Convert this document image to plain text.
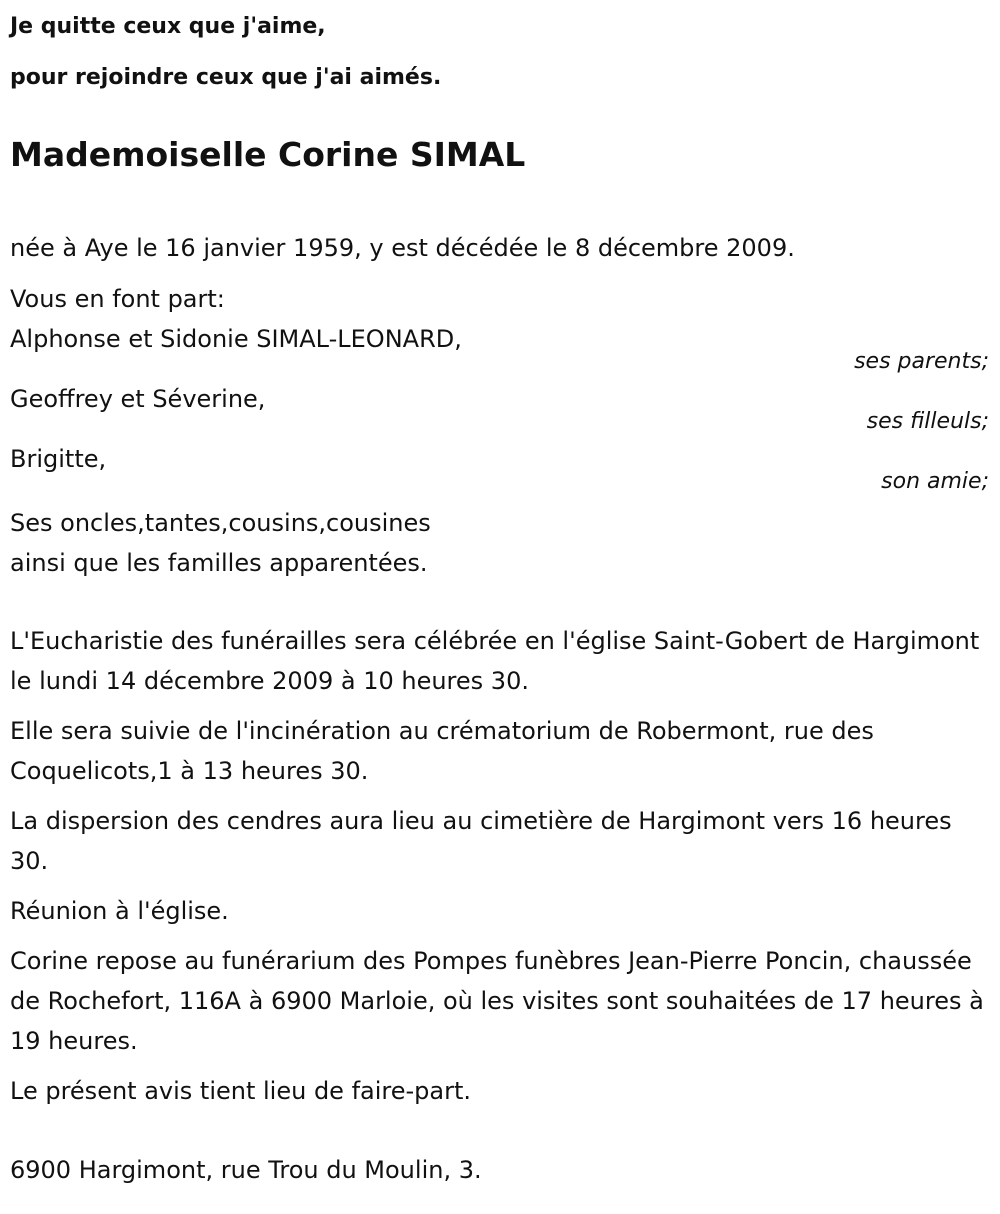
Je quitte ceux que j'aime,

pour rejoindre ceux que j'ai aimés.

Mademoiselle Corine SIMAL

née à Aye le 16 janvier 1959, y est décédée le 8 décembre 2009.

Vous en font part:

Alphonse et Sidonie SIMAL-LEONARD,

ses parents;

Geoffrey et Séverine,

ses filleuls;

Brigitte,

son amie;

Ses oncles,tantes,cousins,cousines

ainsi que les familles apparentées.

L'Eucharistie des funérailles sera célébrée en l'église Saint-Gobert de Hargimont le lundi 14 décembre 2009 à 10 heures 30.

Elle sera suivie de l'incinération au crématorium de Robermont, rue des Coquelicots,1 à 13 heures 30.

La dispersion des cendres aura lieu au cimetière de Hargimont vers 16 heures 30.

Réunion à l'église.

Corine repose au funérarium des Pompes funèbres Jean-Pierre Poncin, chaussée de Rochefort, 116A à 6900 Marloie, où les visites sont souhaitées de 17 heures à 19 heures.

Le présent avis tient lieu de faire-part.

6900 Hargimont, rue Trou du Moulin, 3.
